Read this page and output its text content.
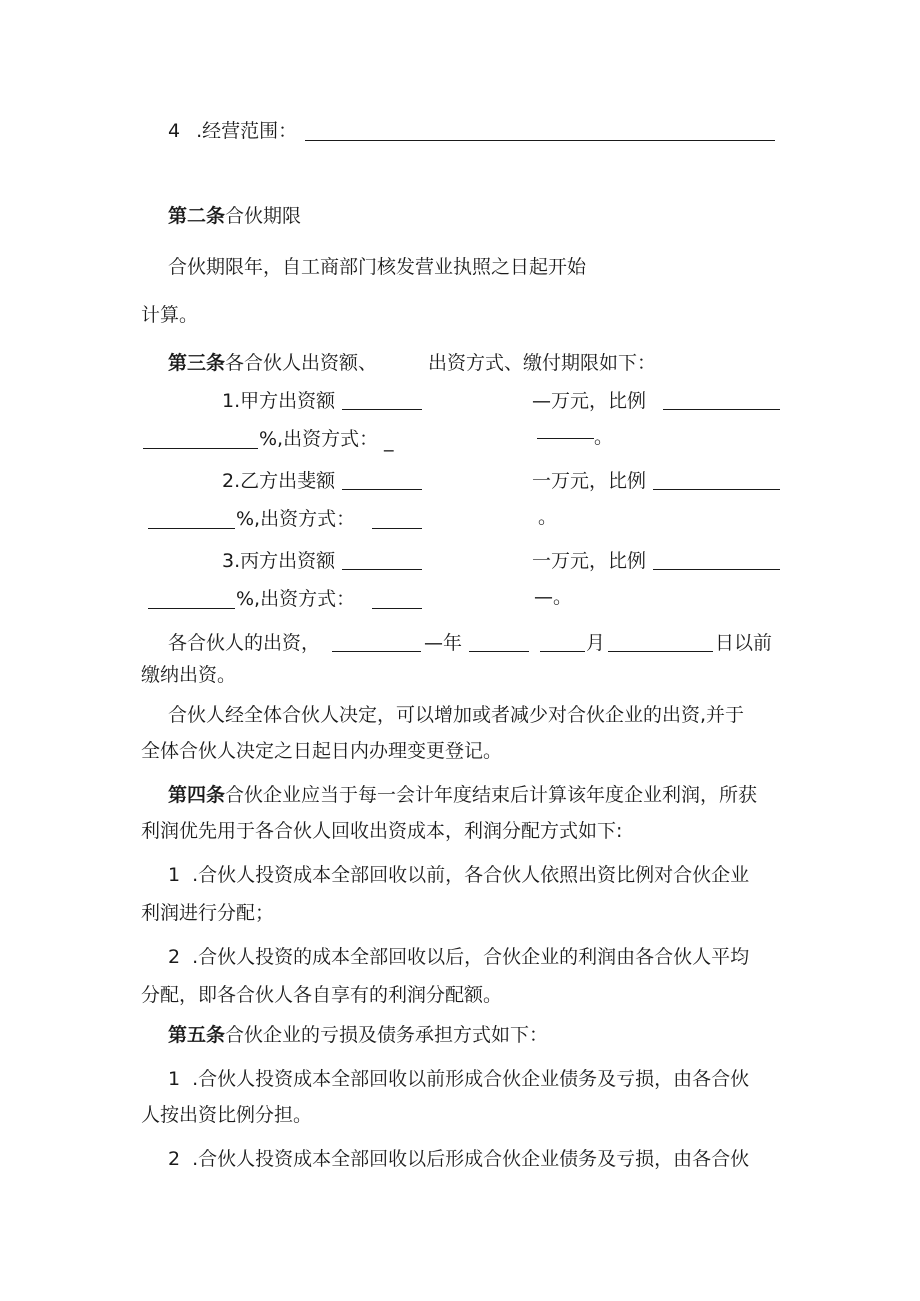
4 .经营范围：
第二条合伙期限
合伙期限年，自工商部门核发营业执照之日起开始
计算。
第三条各合伙人出资额、	出资方式、缴付期限如下：
1.甲方出资额	—万元，比例
%,出资方式： _	。
2.乙方出斐额	一万元，比例
%,出资方式：	。
3.丙方出资额	一万元，比例
%,出资方式：	—。
各合伙人的出资，	—年	月	日以前
缴纳出资。
合伙人经全体合伙人决定，可以增加或者减少对合伙企业的出资,并于
全体合伙人决定之日起日内办理变更登记。
第四条合伙企业应当于每一会计年度结束后计算该年度企业利润，所获
利润优先用于各合伙人回收出资成本，利润分配方式如下:
1 .合伙人投资成本全部回收以前，各合伙人依照出资比例对合伙企业
利润进行分配；
2 .合伙人投资的成本全部回收以后，合伙企业的利润由各合伙人平均
分配，即各合伙人各自享有的利润分配额。
第五条合伙企业的亏损及债务承担方式如下：
1 .合伙人投资成本全部回收以前形成合伙企业债务及亏损，由各合伙
人按出资比例分担。
2 .合伙人投资成本全部回收以后形成合伙企业债务及亏损，由各合伙
